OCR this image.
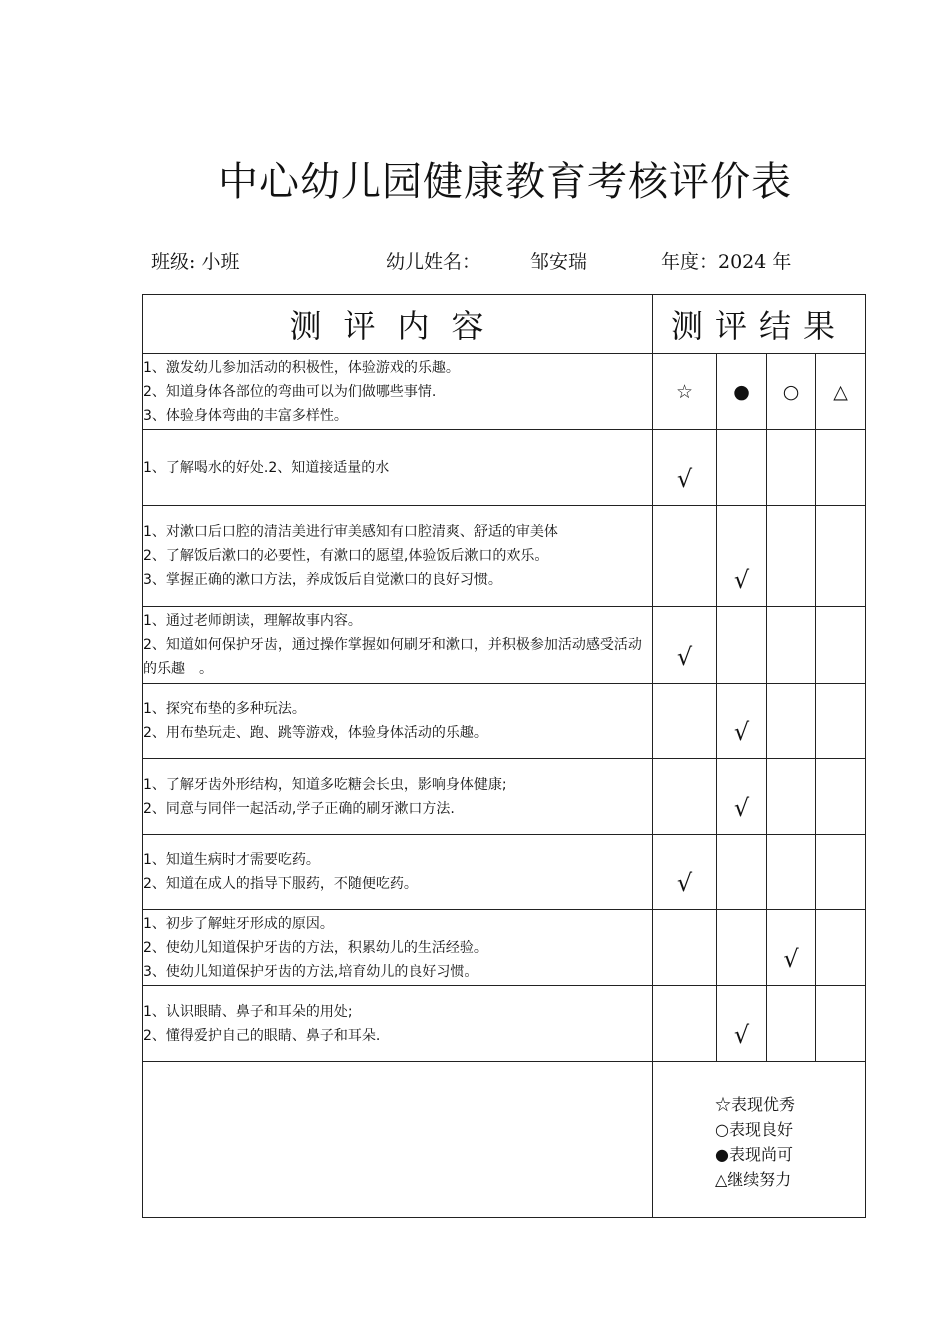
中心幼儿园健康教育考核评价表
班级: 小班	幼儿姓名：	邹安瑞	年度：2024 年
测评内容	测评结果			

1、激发幼儿参加活动的积极性，体验游戏的乐趣。
2、知道身体各部位的弯曲可以为们做哪些事情.
3、体验身体弯曲的丰富多样性。	☆	●	○	△

1、了解喝水的好处.2、知道接适量的水	√			

1、对漱口后口腔的清洁美进行审美感知有口腔清爽、舒适的审美体
2、了解饭后漱口的必要性，有漱口的愿望,体验饭后漱口的欢乐。
3、掌握正确的漱口方法，养成饭后自觉漱口的良好习惯。		√		

1、通过老师朗读，理解故事内容。
2、知道如何保护牙齿，通过操作掌握如何刷牙和漱口，并积极参加活动感受活动的乐趣　。	√			

1、探究布垫的多种玩法。
2、用布垫玩走、跑、跳等游戏，体验身体活动的乐趣。		√		

1、了解牙齿外形结构，知道多吃糖会长虫，影响身体健康;
2、同意与同伴一起活动,学子正确的刷牙漱口方法.		√		

1、知道生病时才需要吃药。
2、知道在成人的指导下服药，不随便吃药。	√			

1、初步了解蛀牙形成的原因。
2、使幼儿知道保护牙齿的方法，积累幼儿的生活经验。
3、使幼儿知道保护牙齿的方法,培育幼儿的良好习惯。			√	

1、认识眼睛、鼻子和耳朵的用处;
2、懂得爱护自己的眼睛、鼻子和耳朵.		√		

	☆表现优秀
○表现良好
●表现尚可
△继续努力			
